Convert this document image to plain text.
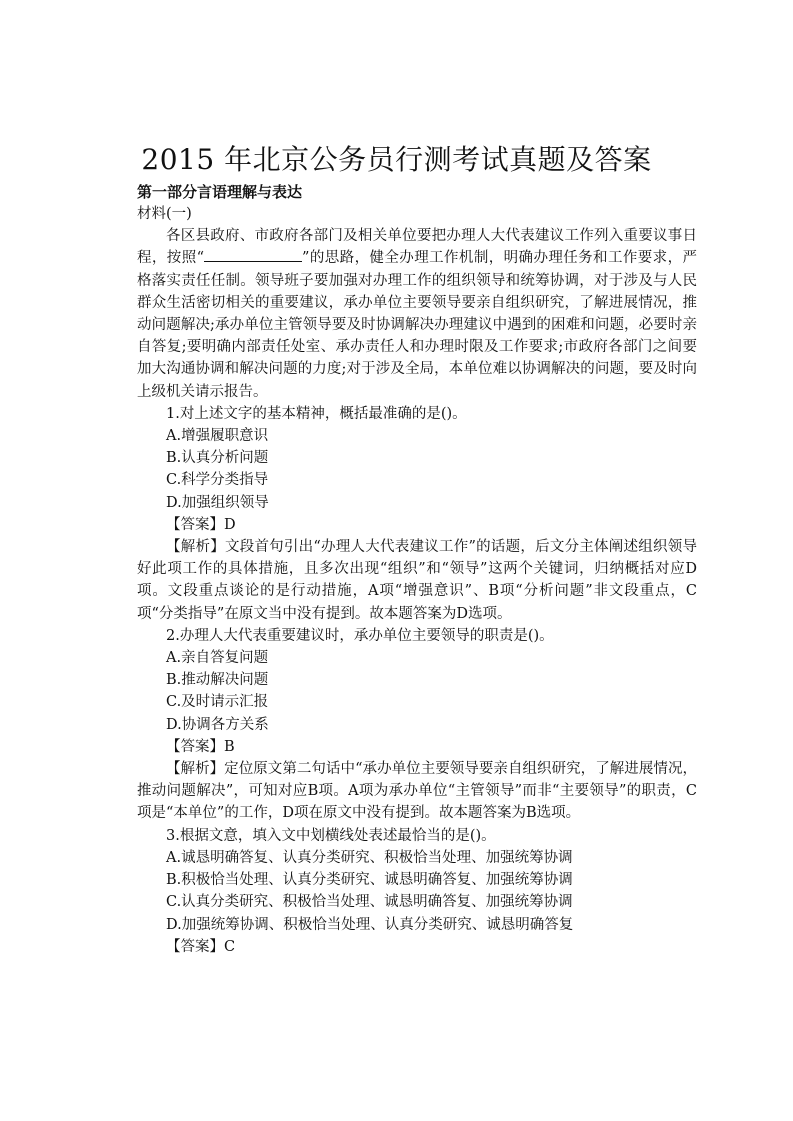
2015 年北京公务员行测考试真题及答案
第一部分言语理解与表达

材料(一)

各区县政府、市政府各部门及相关单位要把办理人大代表建议工作列入重要议事日程，按照“	”的思路，健全办理工作机制，明确办理任务和工作要求，严格落实责任任制。领导班子要加强对办理工作的组织领导和统筹协调，对于涉及与人民群众生活密切相关的重要建议，承办单位主要领导要亲自组织研究，了解进展情况，推动问题解决;承办单位主管领导要及时协调解决办理建议中遇到的困难和问题，必要时亲自答复;要明确内部责任处室、承办责任人和办理时限及工作要求;市政府各部门之间要加大沟通协调和解决问题的力度;对于涉及全局，本单位难以协调解决的问题，要及时向上级机关请示报告。

1.对上述文字的基本精神，概括最准确的是()。

A.增强履职意识

B.认真分析问题

C.科学分类指导

D.加强组织领导

【答案】D

【解析】文段首句引出“办理人大代表建议工作”的话题，后文分主体阐述组织领导好此项工作的具体措施，且多次出现“组织”和“领导”这两个关键词，归纳概括对应D项。文段重点谈论的是行动措施，A项“增强意识”、B项“分析问题”非文段重点，C项“分类指导”在原文当中没有提到。故本题答案为D选项。

2.办理人大代表重要建议时，承办单位主要领导的职责是()。

A.亲自答复问题

B.推动解决问题

C.及时请示汇报

D.协调各方关系

【答案】B

【解析】定位原文第二句话中“承办单位主要领导要亲自组织研究，了解进展情况，推动问题解决”，可知对应B项。A项为承办单位“主管领导”而非“主要领导”的职责，C项是“本单位”的工作，D项在原文中没有提到。故本题答案为B选项。

3.根据文意，填入文中划横线处表述最恰当的是()。

A.诚恳明确答复、认真分类研究、积极恰当处理、加强统筹协调

B.积极恰当处理、认真分类研究、诚恳明确答复、加强统筹协调

C.认真分类研究、积极恰当处理、诚恳明确答复、加强统筹协调

D.加强统筹协调、积极恰当处理、认真分类研究、诚恳明确答复

【答案】C
